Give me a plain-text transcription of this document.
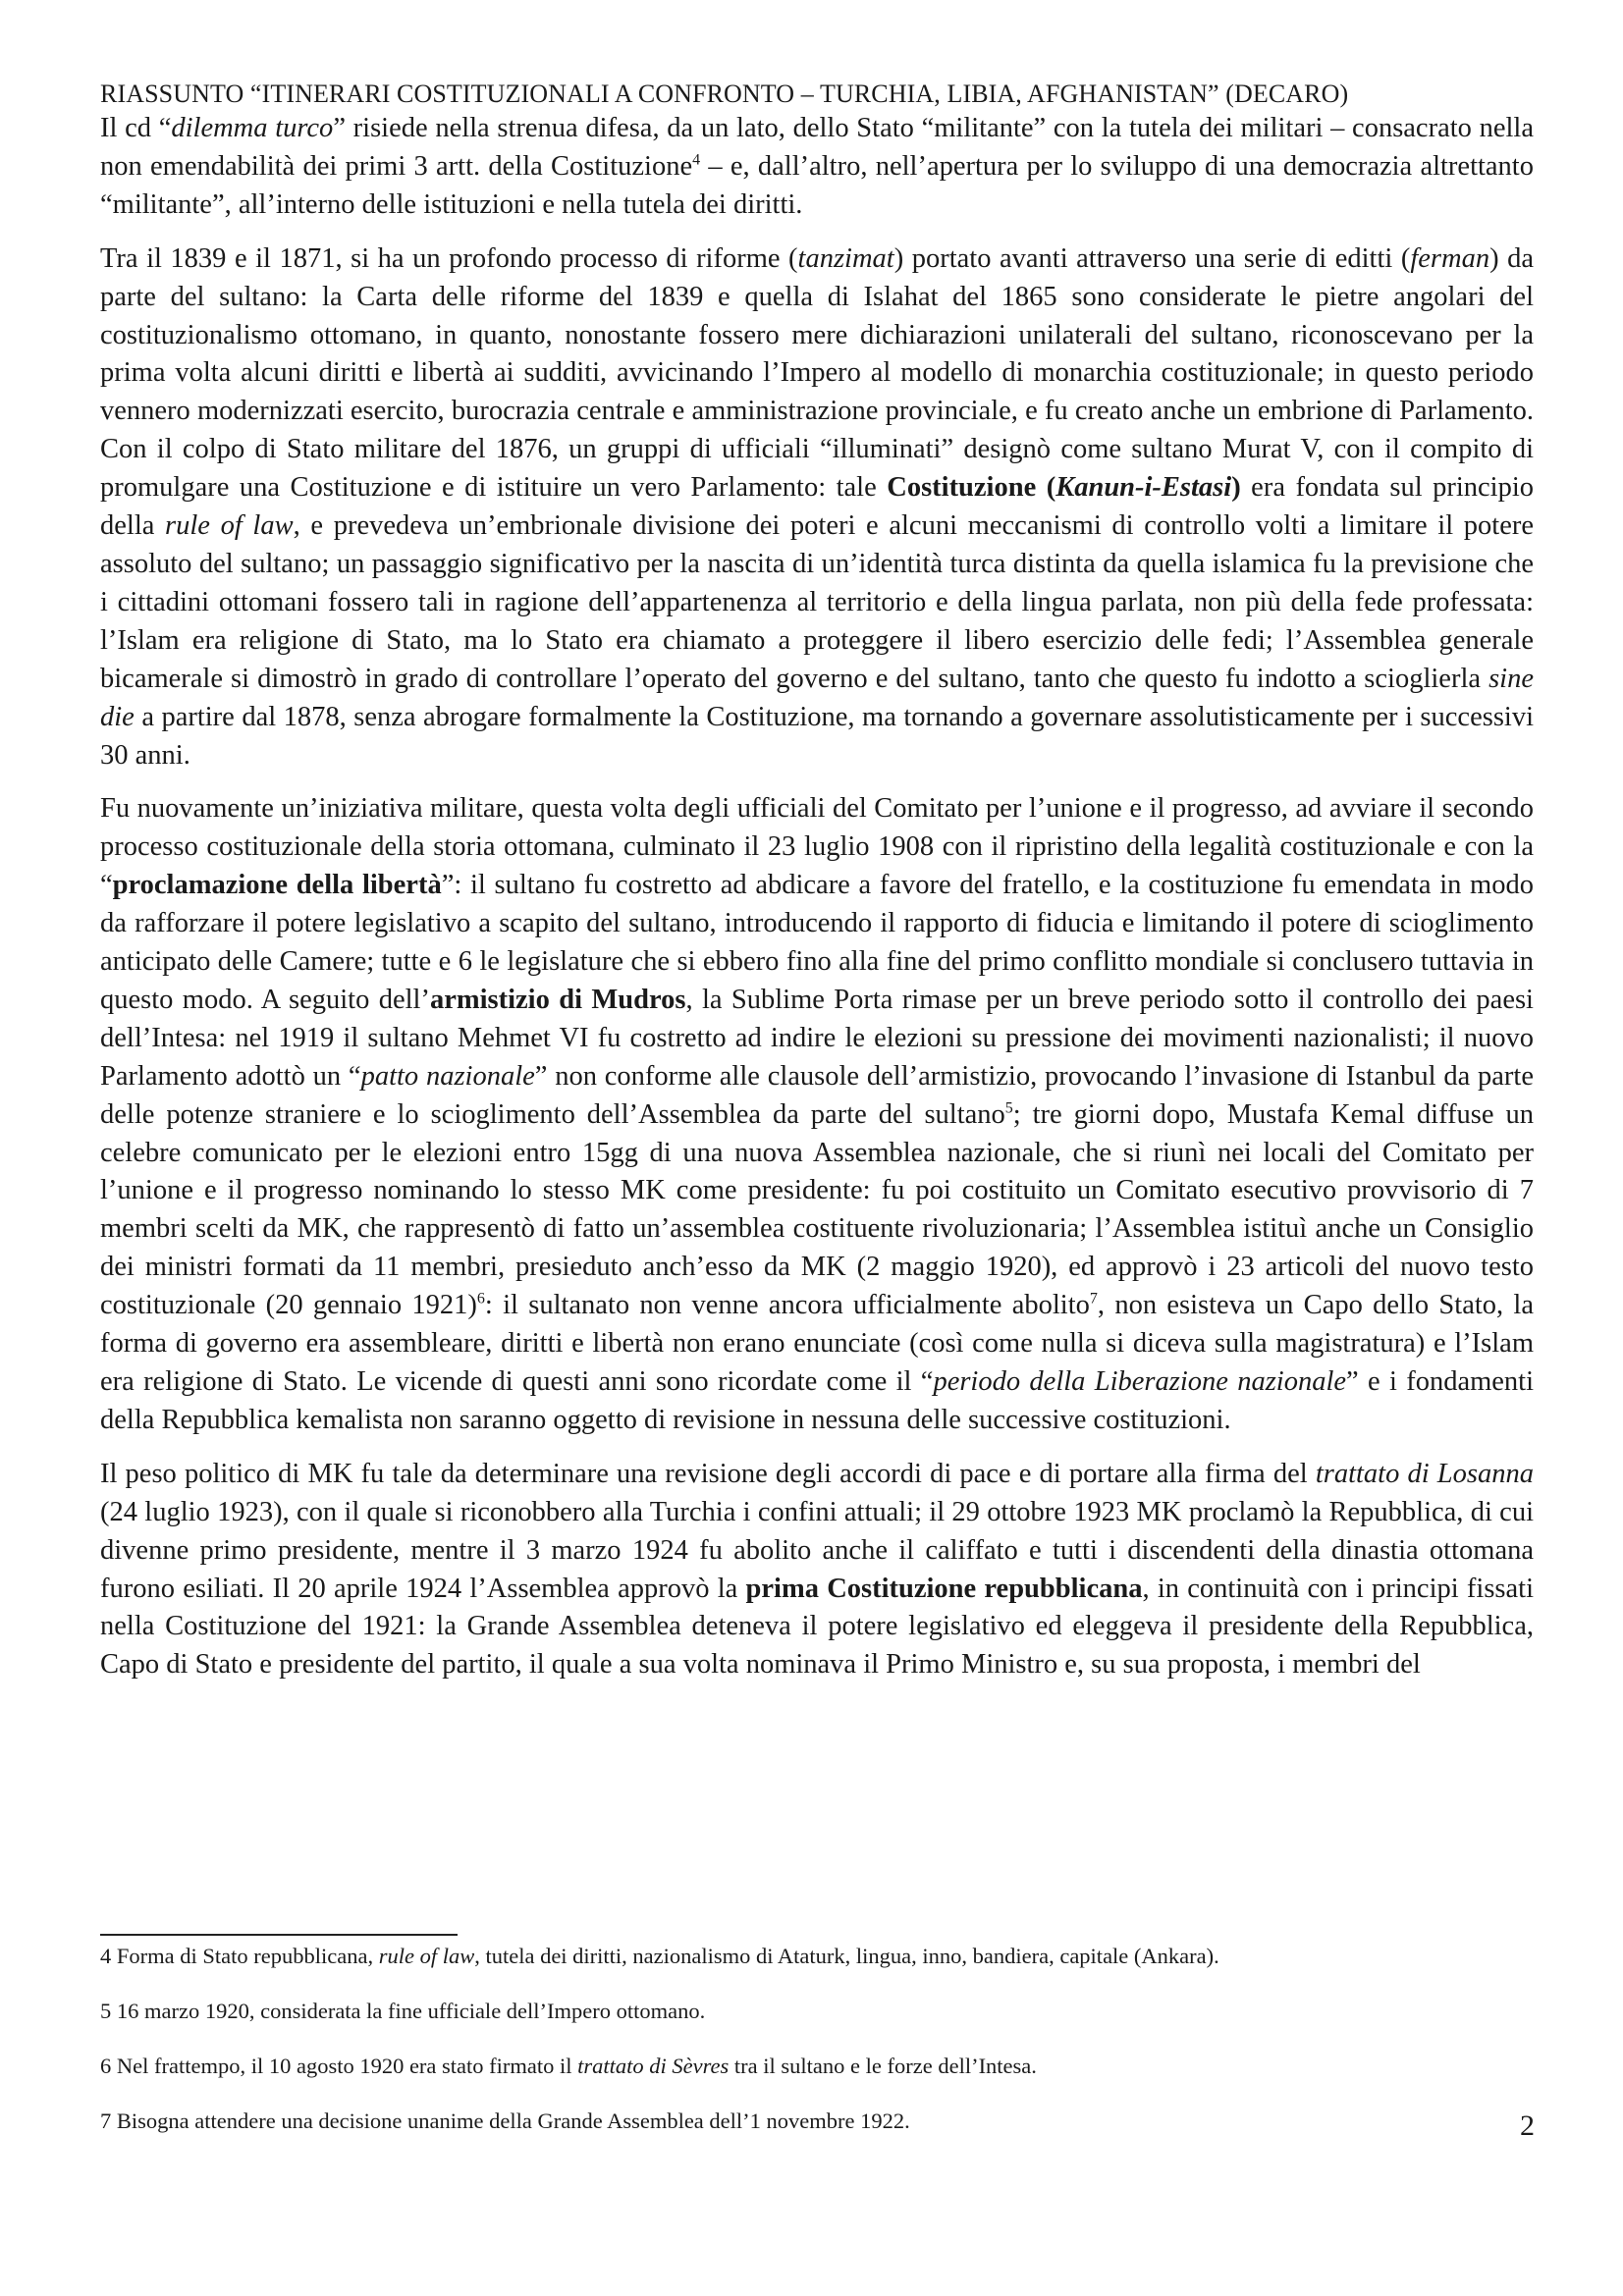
RIASSUNTO “ITINERARI COSTITUZIONALI A CONFRONTO – TURCHIA, LIBIA, AFGHANISTAN” (DECARO)

Il cd “dilemma turco” risiede nella strenua difesa, da un lato, dello Stato “militante” con la tutela dei militari – consacrato nella non emendabilità dei primi 3 artt. della Costituzione$^4$ – e, dall’altro, nell’apertura per lo sviluppo di una democrazia altrettanto “militante”, all’interno delle istituzioni e nella tutela dei diritti.

Tra il 1839 e il 1871, si ha un profondo processo di riforme (tanzimat) portato avanti attraverso una serie di editti (ferman) da parte del sultano: la Carta delle riforme del 1839 e quella di Islahat del 1865 sono considerate le pietre angolari del costituzionalismo ottomano, in quanto, nonostante fossero mere dichiarazioni unilaterali del sultano, riconoscevano per la prima volta alcuni diritti e libertà ai sudditi, avvicinando l’Impero al modello di monarchia costituzionale; in questo periodo vennero modernizzati esercito, burocrazia centrale e amministrazione provinciale, e fu creato anche un embrione di Parlamento. Con il colpo di Stato militare del 1876, un gruppi di ufficiali “illuminati” designò come sultano Murat V, con il compito di promulgare una Costituzione e di istituire un vero Parlamento: tale Costituzione (Kanun-i-Estasi) era fondata sul principio della rule of law, e prevedeva un’embrionale divisione dei poteri e alcuni meccanismi di controllo volti a limitare il potere assoluto del sultano; un passaggio significativo per la nascita di un’identità turca distinta da quella islamica fu la previsione che i cittadini ottomani fossero tali in ragione dell’appartenenza al territorio e della lingua parlata, non più della fede professata: l’Islam era religione di Stato, ma lo Stato era chiamato a proteggere il libero esercizio delle fedi; l’Assemblea generale bicamerale si dimostrò in grado di controllare l’operato del governo e del sultano, tanto che questo fu indotto a scioglierla sine die a partire dal 1878, senza abrogare formalmente la Costituzione, ma tornando a governare assolutisticamente per i successivi 30 anni.

Fu nuovamente un’iniziativa militare, questa volta degli ufficiali del Comitato per l’unione e il progresso, ad avviare il secondo processo costituzionale della storia ottomana, culminato il 23 luglio 1908 con il ripristino della legalità costituzionale e con la “proclamazione della libertà”: il sultano fu costretto ad abdicare a favore del fratello, e la costituzione fu emendata in modo da rafforzare il potere legislativo a scapito del sultano, introducendo il rapporto di fiducia e limitando il potere di scioglimento anticipato delle Camere; tutte e 6 le legislature che si ebbero fino alla fine del primo conflitto mondiale si conclusero tuttavia in questo modo. A seguito dell’armistizio di Mudros, la Sublime Porta rimase per un breve periodo sotto il controllo dei paesi dell’Intesa: nel 1919 il sultano Mehmet VI fu costretto ad indire le elezioni su pressione dei movimenti nazionalisti; il nuovo Parlamento adottò un “patto nazionale” non conforme alle clausole dell’armistizio, provocando l’invasione di Istanbul da parte delle potenze straniere e lo scioglimento dell’Assemblea da parte del sultano$^5$; tre giorni dopo, Mustafa Kemal diffuse un celebre comunicato per le elezioni entro 15gg di una nuova Assemblea nazionale, che si riunì nei locali del Comitato per l’unione e il progresso nominando lo stesso MK come presidente: fu poi costituito un Comitato esecutivo provvisorio di 7 membri scelti da MK, che rappresentò di fatto un’assemblea costituente rivoluzionaria; l’Assemblea istituì anche un Consiglio dei ministri formati da 11 membri, presieduto anch’esso da MK (2 maggio 1920), ed approvò i 23 articoli del nuovo testo costituzionale (20 gennaio 1921)$^6$: il sultanato non venne ancora ufficialmente abolito$^7$, non esisteva un Capo dello Stato, la forma di governo era assembleare, diritti e libertà non erano enunciate (così come nulla si diceva sulla magistratura) e l’Islam era religione di Stato. Le vicende di questi anni sono ricordate come il “periodo della Liberazione nazionale” e i fondamenti della Repubblica kemalista non saranno oggetto di revisione in nessuna delle successive costituzioni.

Il peso politico di MK fu tale da determinare una revisione degli accordi di pace e di portare alla firma del trattato di Losanna (24 luglio 1923), con il quale si riconobbero alla Turchia i confini attuali; il 29 ottobre 1923 MK proclamò la Repubblica, di cui divenne primo presidente, mentre il 3 marzo 1924 fu abolito anche il califfato e tutti i discendenti della dinastia ottomana furono esiliati. Il 20 aprile 1924 l’Assemblea approvò la prima Costituzione repubblicana, in continuità con i principi fissati nella Costituzione del 1921: la Grande Assemblea deteneva il potere legislativo ed eleggeva il presidente della Repubblica, Capo di Stato e presidente del partito, il quale a sua volta nominava il Primo Ministro e, su sua proposta, i membri del

4 Forma di Stato repubblicana, rule of law, tutela dei diritti, nazionalismo di Ataturk, lingua, inno, bandiera, capitale (Ankara).

5 16 marzo 1920, considerata la fine ufficiale dell’Impero ottomano.

6 Nel frattempo, il 10 agosto 1920 era stato firmato il trattato di Sèvres tra il sultano e le forze dell’Intesa.

7 Bisogna attendere una decisione unanime della Grande Assemblea dell’1 novembre 1922.	2
